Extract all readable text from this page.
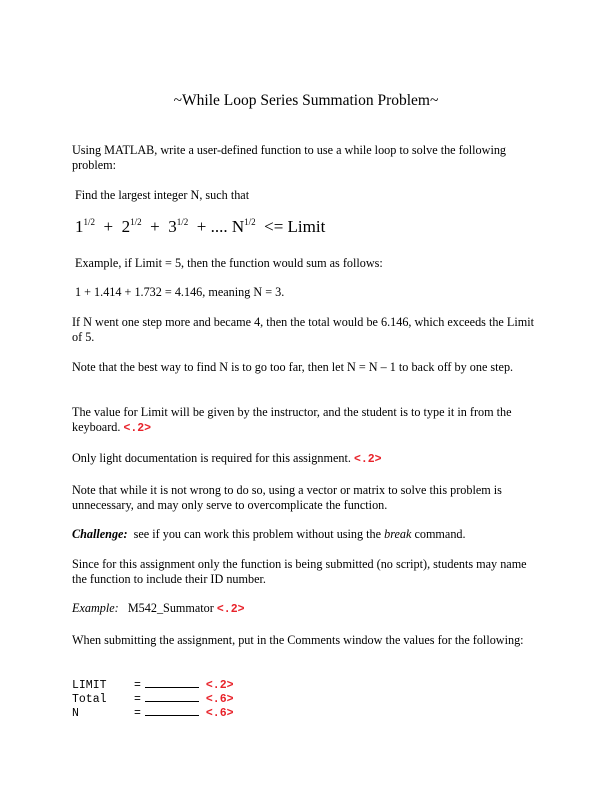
~While Loop Series Summation Problem~

Using MATLAB, write a user-defined function to use a while loop to solve the following problem:

Find the largest integer N, such that

$1^{1/2} + 2^{1/2} + 3^{1/2}$ + .... $N^{1/2}$ <= Limit

Example, if Limit = 5, then the function would sum as follows:

1 + 1.414 + 1.732 = 4.146, meaning N = 3.

If N went one step more and became 4, then the total would be 6.146, which exceeds the Limit of 5.

Note that the best way to find N is to go too far, then let N = N – 1 to back off by one step.

The value for Limit will be given by the instructor, and the student is to type it in from the keyboard. <.2>

Only light documentation is required for this assignment. <.2>

Note that while it is not wrong to do so, using a vector or matrix to solve this problem is unnecessary, and may only serve to overcomplicate the function.

Challenge: see if you can work this problem without using the break command.

Since for this assignment only the function is being submitted (no script), students may name the function to include their ID number.

Example: M542_Summator <.2>

When submitting the assignment, put in the Comments window the values for the following:

LIMIT =	<.2>
Total =	<.6>
N	=	<.6>
